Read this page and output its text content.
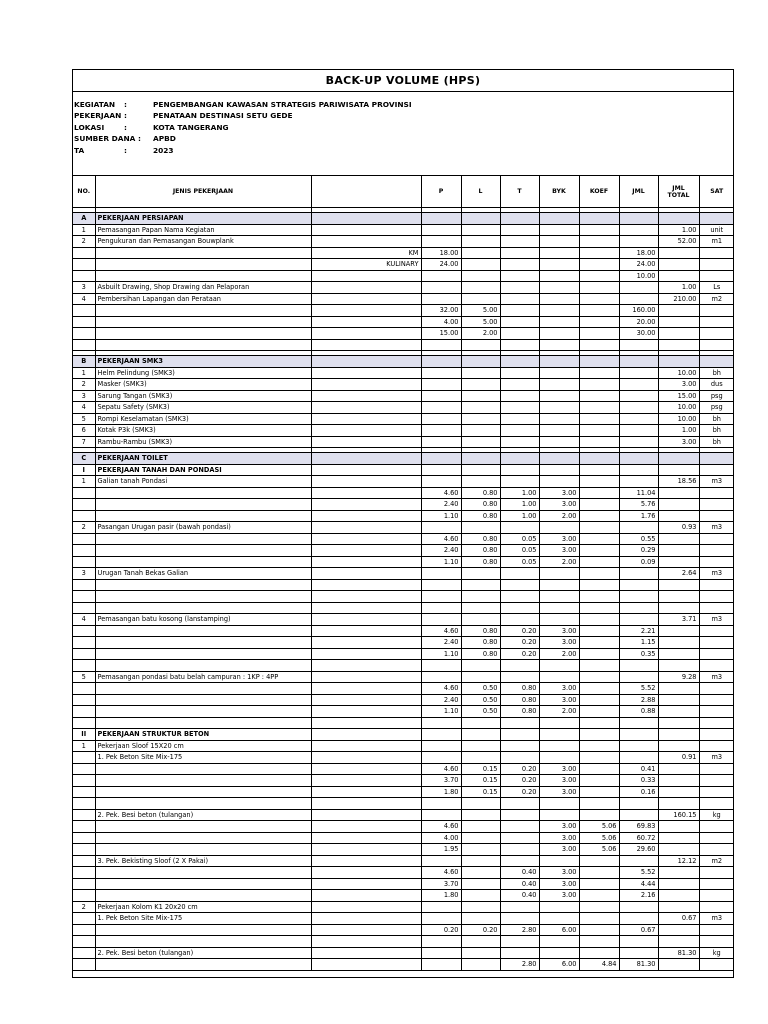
BACK-UP VOLUME (HPS)
KEGIATAN :	PENGEMBANGAN KAWASAN STRATEGIS PARIWISATA PROVINSI
PEKERJAAN :	PENATAAN DESTINASI SETU GEDE
LOKASI	:	KOTA TANGERANG
SUMBER DANA : APBD
TA	:	2023
NO.	JENIS PEKERJAAN		P	L	T	BYK	KOEF	JML	JML TOTAL	SAT

A	PEKERJAAN PERSIAPAN									
1	Pemasangan Papan Nama Kegiatan								1.00	unit
2	Pengukuran dan Pemasangan Bouwplank								52.00	m1
		KM	18.00					18.00		
		KULINARY	24.00					24.00		
								10.00		
3	Asbuilt Drawing, Shop Drawing dan Pelaporan								1.00	Ls
4	Pembersihan Lapangan dan Perataan								210.00	m2
			32.00	5.00				160.00		
			4.00	5.00				20.00		
			15.00	2.00				30.00		

B	PEKERJAAN SMK3									
1	Helm Pelindung (SMK3)								10.00	bh
2	Masker (SMK3)								3.00	dus
3	Sarung Tangan (SMK3)								15.00	psg
4	Sepatu Safety (SMK3)								10.00	psg
5	Rompi Keselamatan (SMK3)								10.00	bh
6	Kotak P3k (SMK3)								1.00	bh
7	Rambu-Rambu (SMK3)								3.00	bh

C	PEKERJAAN TOILET									
I	PEKERJAAN TANAH DAN PONDASI									
1	Galian tanah Pondasi								18.56	m3
			4.60	0.80	1.00	3.00		11.04		
			2.40	0.80	1.00	3.00		5.76		
			1.10	0.80	1.00	2.00		1.76		
2	Pasangan Urugan pasir (bawah pondasi)								0.93	m3
			4.60	0.80	0.05	3.00		0.55		
			2.40	0.80	0.05	3.00		0.29		
			1.10	0.80	0.05	2.00		0.09		
3	Urugan Tanah Bekas Galian								2.64	m3

4	Pemasangan batu kosong (lanstamping)								3.71	m3
			4.60	0.80	0.20	3.00		2.21		
			2.40	0.80	0.20	3.00		1.15		
			1.10	0.80	0.20	2.00		0.35		

5	Pemasangan pondasi batu belah campuran : 1KP : 4PP								9.28	m3
			4.60	0.50	0.80	3.00		5.52		
			2.40	0.50	0.80	3.00		2.88		
			1.10	0.50	0.80	2.00		0.88		

II	PEKERJAAN STRUKTUR BETON									
1	Pekerjaan Sloof 15X20 cm									
	1. Pek Beton Site Mix-175								0.91	m3
			4.60	0.15	0.20	3.00		0.41		
			3.70	0.15	0.20	3.00		0.33		
			1.80	0.15	0.20	3.00		0.16		

	2. Pek. Besi beton (tulangan)								160.15	kg
			4.60			3.00	5.06	69.83		
			4.00			3.00	5.06	60.72		
			1.95			3.00	5.06	29.60		
	3. Pek. Bekisting Sloof (2 X Pakai)								12.12	m2
			4.60		0.40	3.00		5.52		
			3.70		0.40	3.00		4.44		
			1.80		0.40	3.00		2.16		
2	Pekerjaan Kolom K1 20x20 cm									
	1. Pek Beton Site Mix-175								0.67	m3
			0.20	0.20	2.80	6.00		0.67		

	2. Pek. Besi beton (tulangan)								81.30	kg
					2.80	6.00	4.84	81.30		
